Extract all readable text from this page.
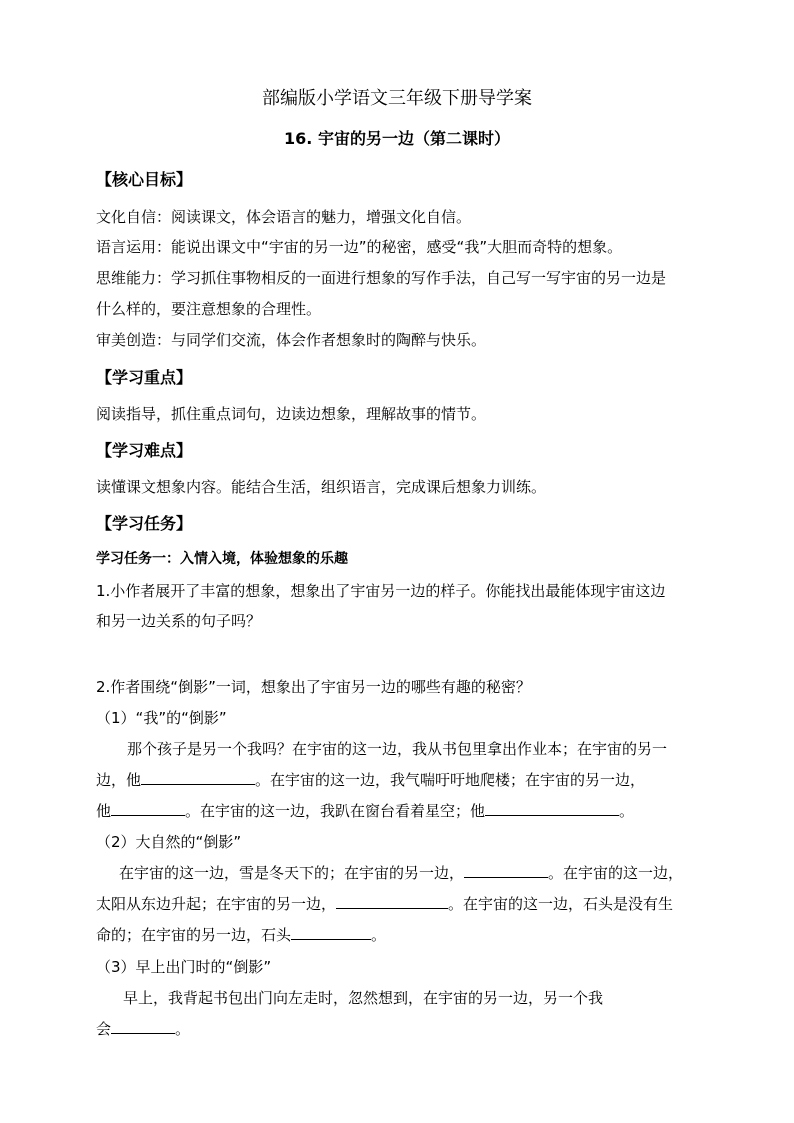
部编版小学语文三年级下册导学案
16. 宇宙的另一边（第二课时）
【核心目标】
文化自信：阅读课文，体会语言的魅力，增强文化自信。
语言运用：能说出课文中“宇宙的另一边”的秘密，感受“我”大胆而奇特的想象。
思维能力：学习抓住事物相反的一面进行想象的写作手法，自己写一写宇宙的另一边是
什么样的，要注意想象的合理性。
审美创造：与同学们交流，体会作者想象时的陶醉与快乐。
【学习重点】
阅读指导，抓住重点词句，边读边想象，理解故事的情节。
【学习难点】
读懂课文想象内容。能结合生活，组织语言，完成课后想象力训练。
【学习任务】
学习任务一：入情入境，体验想象的乐趣
1.小作者展开了丰富的想象，想象出了宇宙另一边的样子。你能找出最能体现宇宙这边
和另一边关系的句子吗？
2.作者围绕“倒影”一词，想象出了宇宙另一边的哪些有趣的秘密？
（1）“我”的“倒影”
那个孩子是另一个我吗？在宇宙的这一边，我从书包里拿出作业本；在宇宙的另一
边，他	。在宇宙的这一边，我气喘吁吁地爬楼；在宇宙的另一边，
他	。在宇宙的这一边，我趴在窗台看着星空；他	。
（2）大自然的“倒影”
在宇宙的这一边，雪是冬天下的；在宇宙的另一边，	。在宇宙的这一边，
太阳从东边升起；在宇宙的另一边，	。在宇宙的这一边，石头是没有生
命的；在宇宙的另一边，石头	。
（3）早上出门时的“倒影”
早上，我背起书包出门向左走时，忽然想到，在宇宙的另一边，另一个我
会	。
